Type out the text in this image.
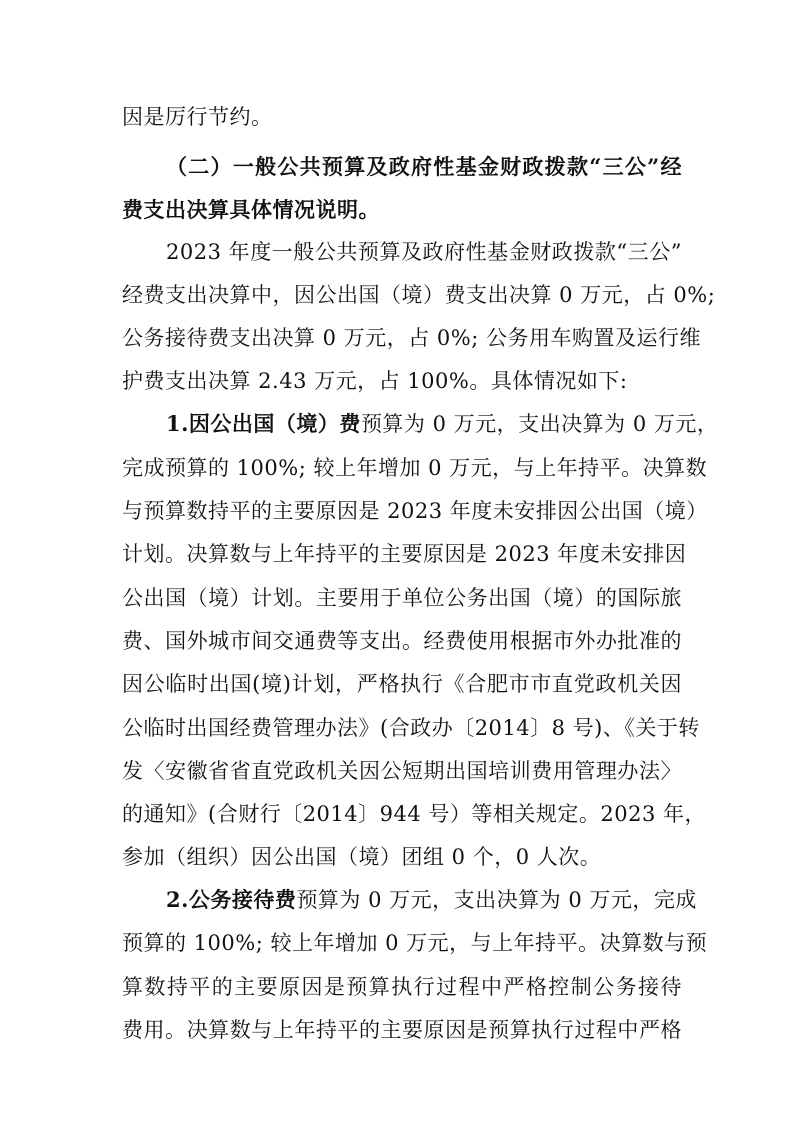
因是厉行节约。
（二）一般公共预算及政府性基金财政拨款“三公”经
费支出决算具体情况说明。
2023 年度一般公共预算及政府性基金财政拨款“三公”
经费支出决算中，因公出国（境）费支出决算 0 万元，占 0%;
公务接待费支出决算 0 万元，占 0%; 公务用车购置及运行维
护费支出决算 2.43 万元，占 100%。具体情况如下:
1.因公出国（境）费预算为 0 万元，支出决算为 0 万元，
完成预算的 100%; 较上年增加 0 万元，与上年持平。决算数
与预算数持平的主要原因是 2023 年度未安排因公出国（境）
计划。决算数与上年持平的主要原因是 2023 年度未安排因
公出国（境）计划。主要用于单位公务出国（境）的国际旅
费、国外城市间交通费等支出。经费使用根据市外办批准的
因公临时出国(境)计划，严格执行《合肥市市直党政机关因
公临时出国经费管理办法》(合政办〔2014〕8 号)、《关于转
发〈安徽省省直党政机关因公短期出国培训费用管理办法〉
的通知》(合财行〔2014〕944 号）等相关规定。2023 年，
参加（组织）因公出国（境）团组 0 个，0 人次。
2.公务接待费预算为 0 万元，支出决算为 0 万元，完成
预算的 100%; 较上年增加 0 万元，与上年持平。决算数与预
算数持平的主要原因是预算执行过程中严格控制公务接待
费用。决算数与上年持平的主要原因是预算执行过程中严格
